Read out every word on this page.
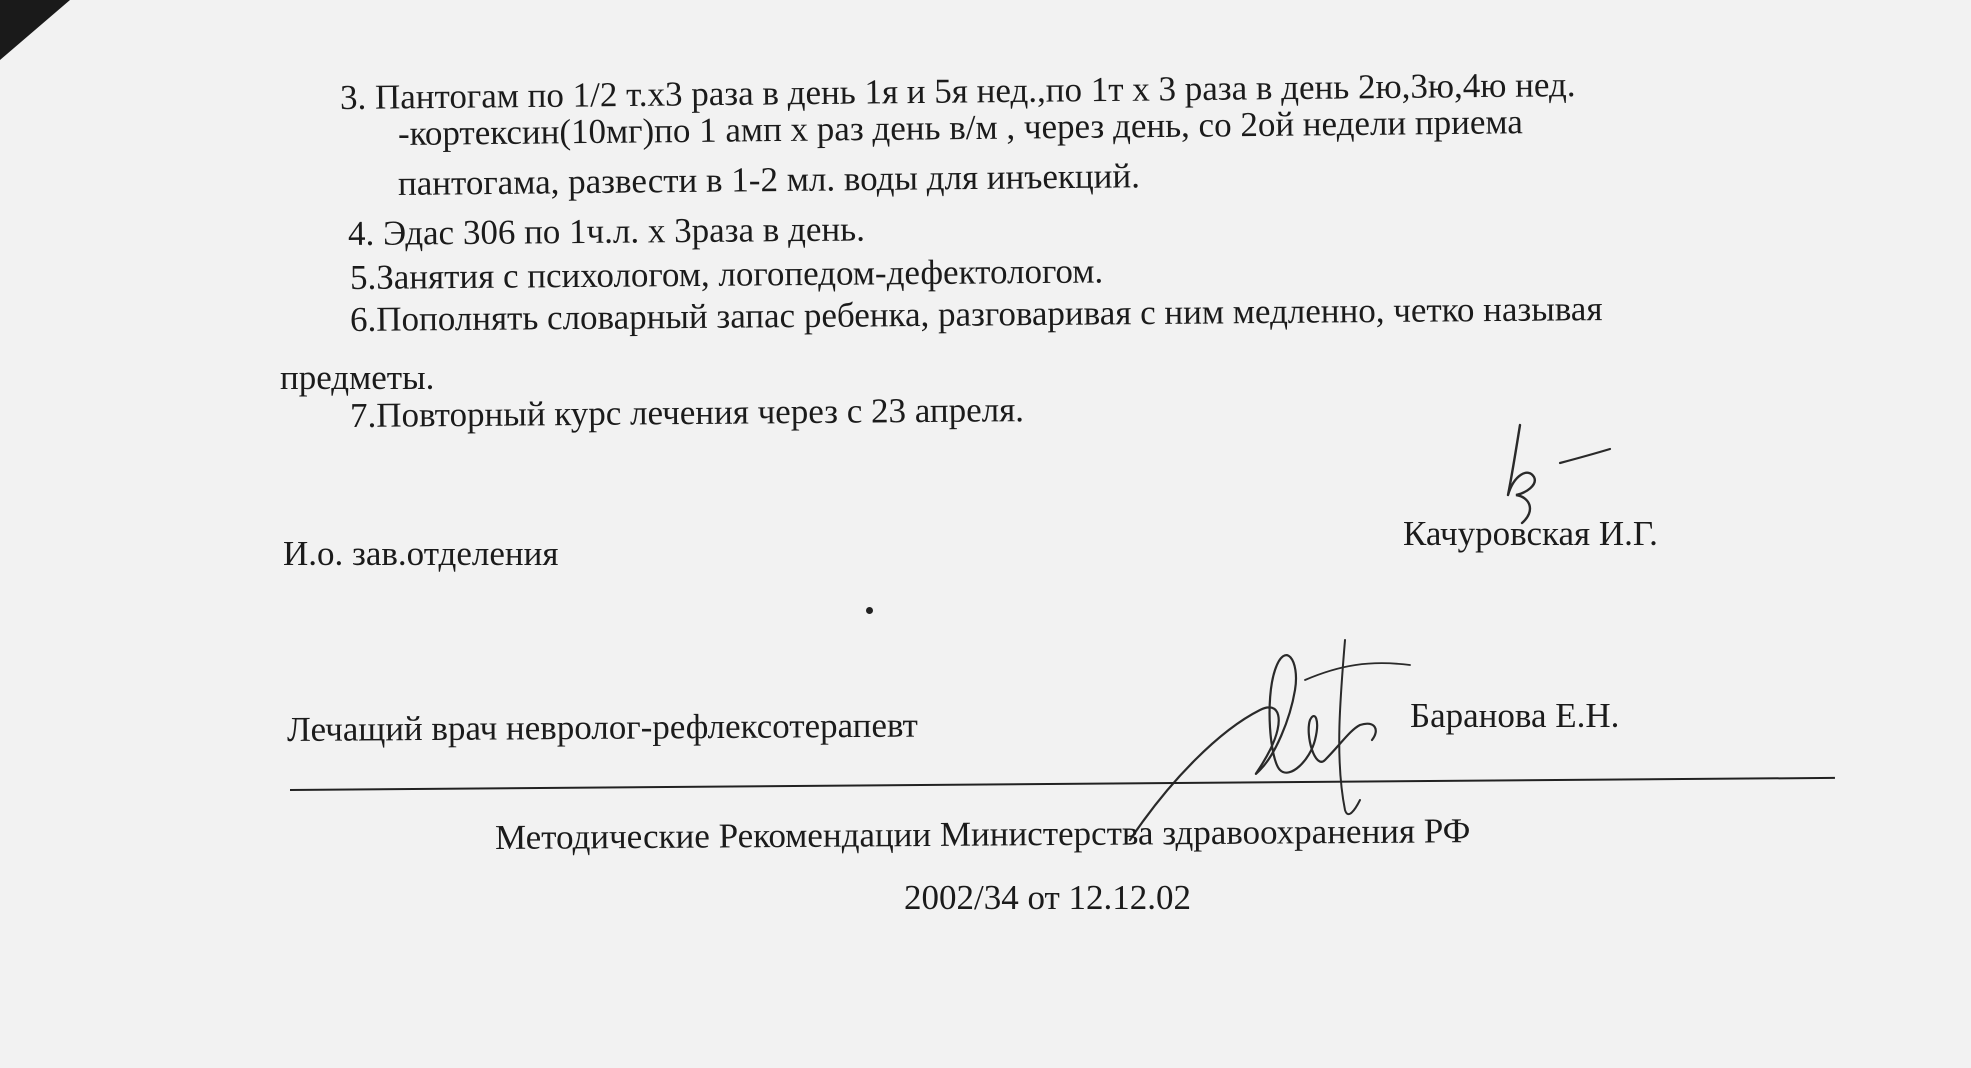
3. Пантогам по 1/2 т.х3 раза в день 1я и 5я нед.,по 1т х 3 раза в день 2ю,3ю,4ю нед.
-кортексин(10мг)по 1 амп х раз день в/м , через день, со 2ой недели приема
пантогама, развести в 1-2 мл. воды для инъекций.
4. Эдас 306 по 1ч.л. х 3раза в день.
5.Занятия с психологом, логопедом-дефектологом.
6.Пополнять словарный запас ребенка, разговаривая с ним медленно, четко называя
предметы.
7.Повторный курс лечения через с 23 апреля.
И.о. зав.отделения
Качуровская И.Г.
Лечащий врач невролог-рефлексотерапевт	Баранова Е.Н.
Методические Рекомендации Министерства здравоохранения РФ
2002/34 от 12.12.02
